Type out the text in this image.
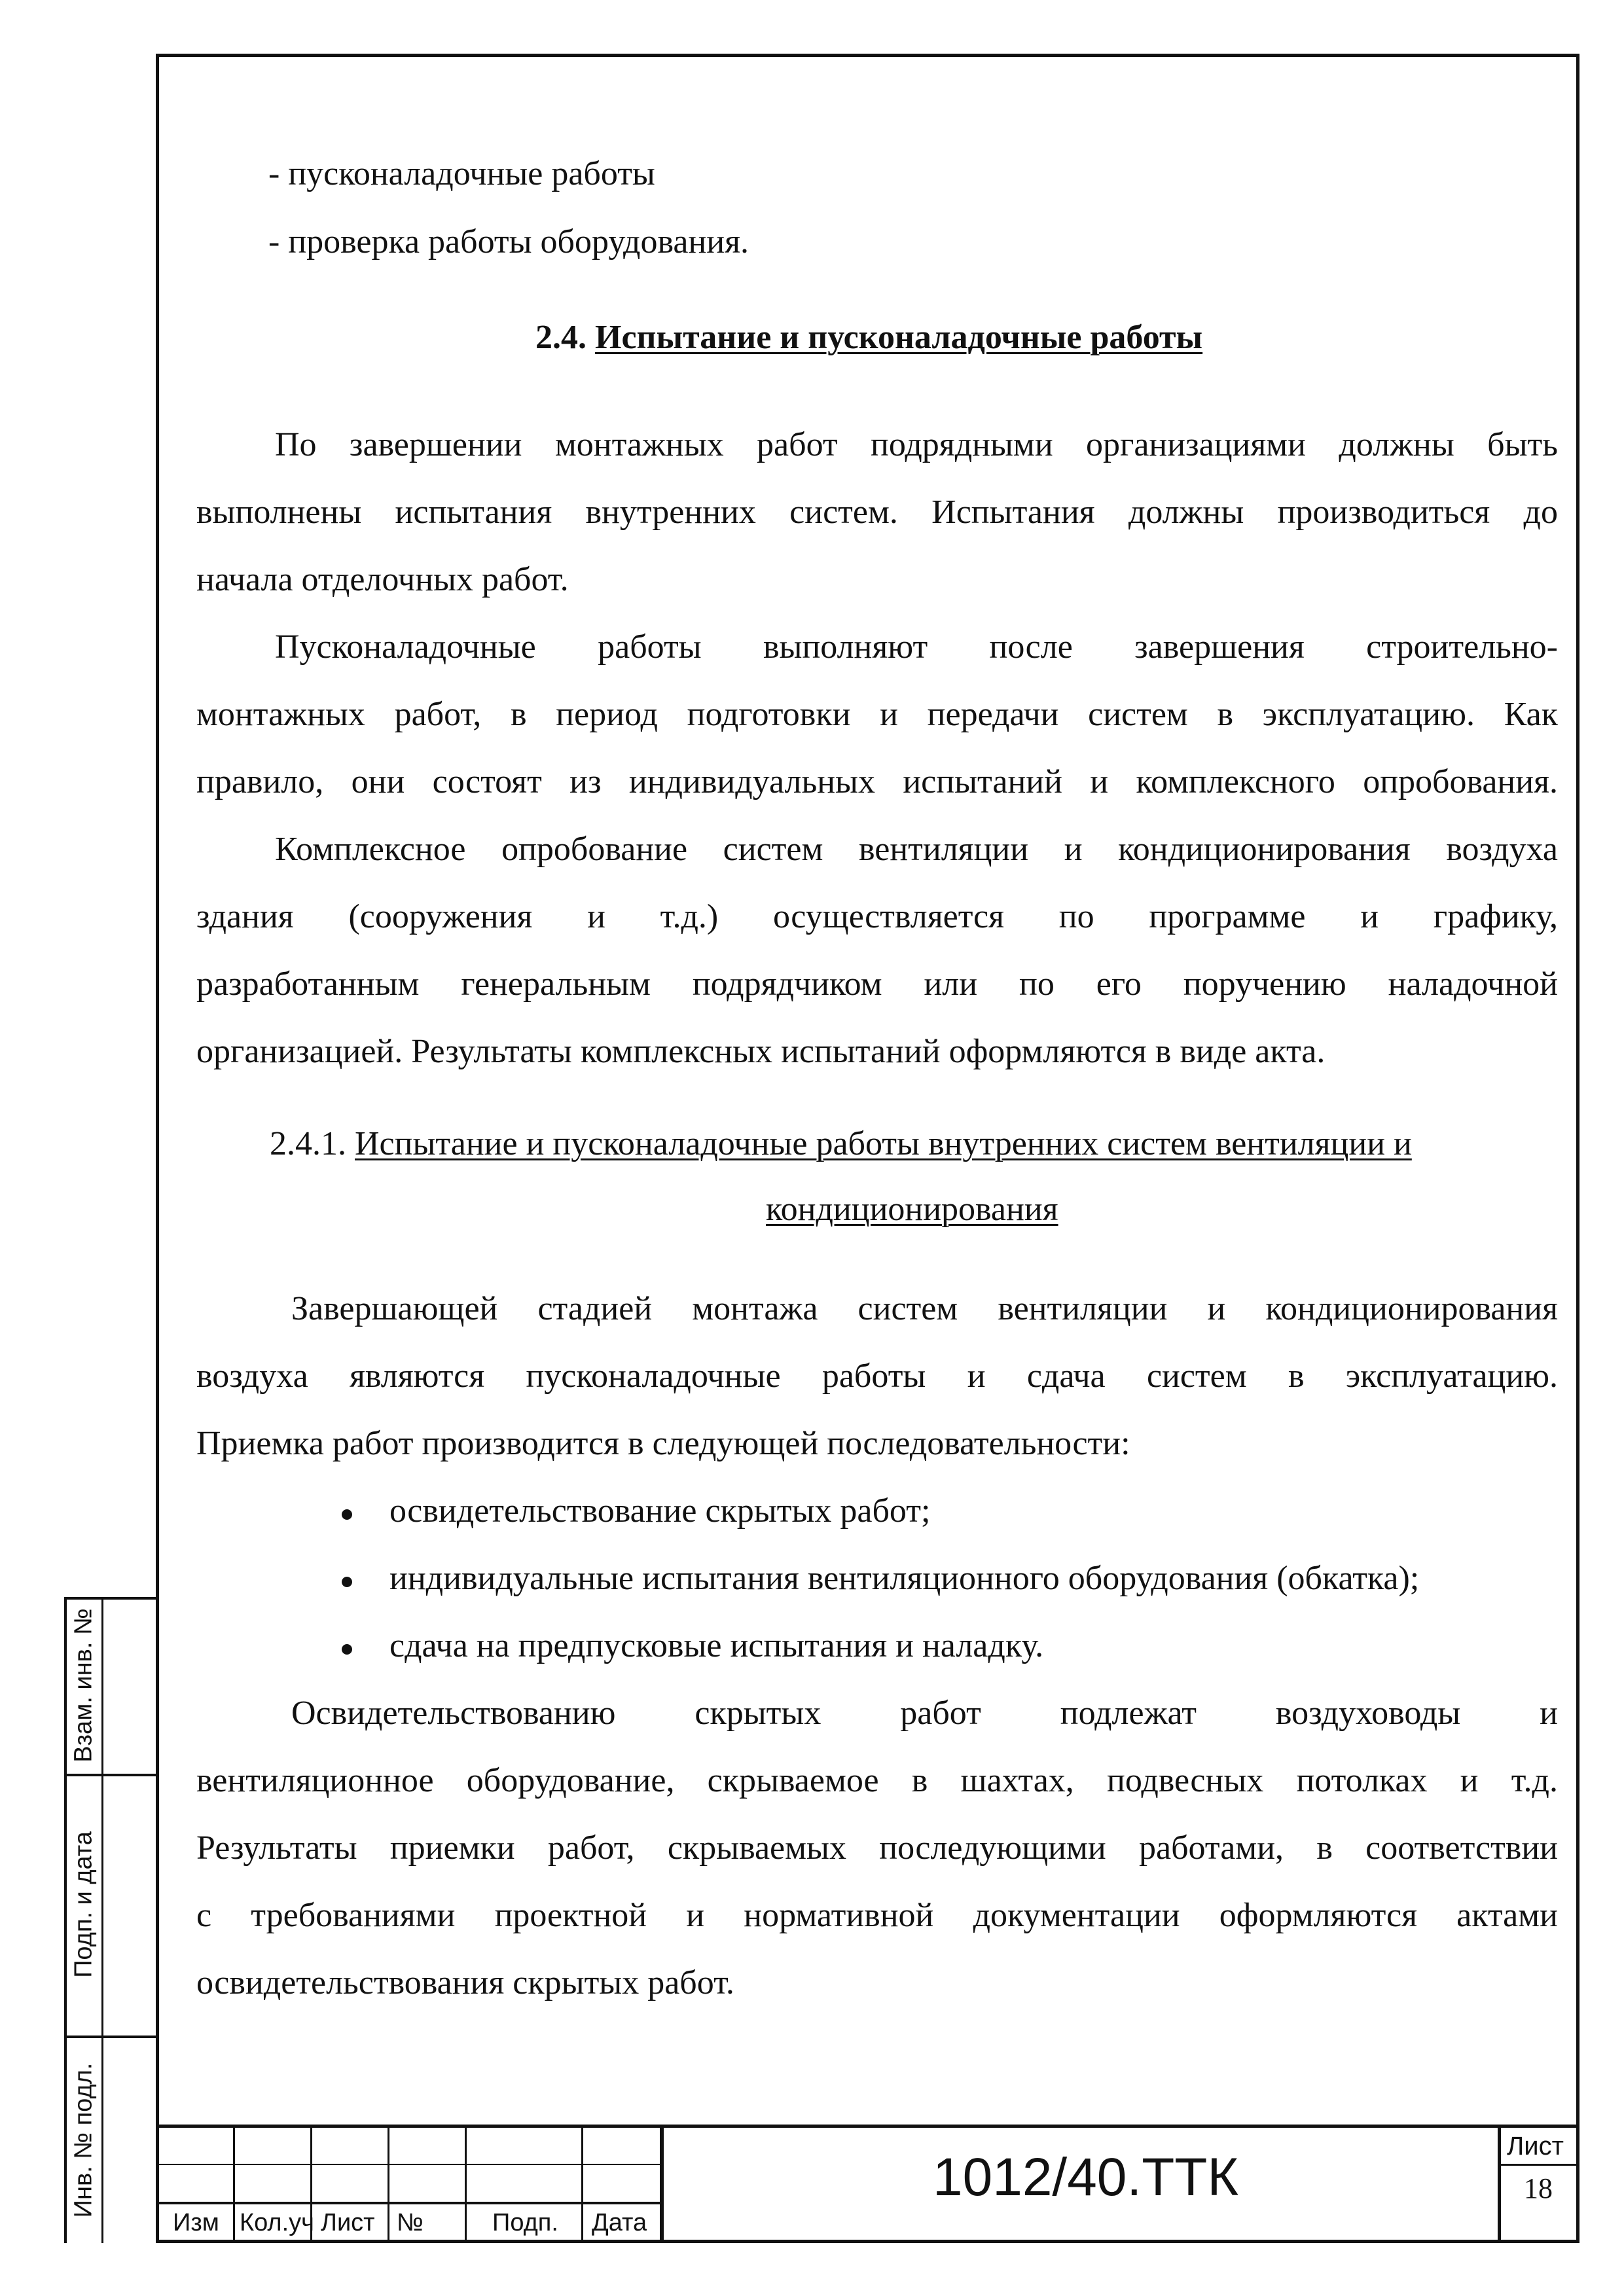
Взам. инв. №
Подп. и дата
Инв. № подл.
- пусконаладочные работы
- проверка работы оборудования.
2.4. Испытание и пусконаладочные работы
По завершении монтажных работ подрядными организациями должны быть
выполнены испытания внутренних систем. Испытания должны производиться до
начала отделочных работ.
Пусконаладочные работы выполняют после завершения строительно-
монтажных работ, в период подготовки и передачи систем в эксплуатацию. Как
правило, они состоят из индивидуальных испытаний и комплексного опробования.
Комплексное опробование систем вентиляции и кондиционирования воздуха
здания (сооружения и т.д.) осуществляется по программе и графику,
разработанным генеральным подрядчиком или по его поручению наладочной
организацией. Результаты комплексных испытаний оформляются в виде акта.
2.4.1. Испытание и пусконаладочные работы внутренних систем вентиляции и
кондиционирования
Завершающей стадией монтажа систем вентиляции и кондиционирования
воздуха являются пусконаладочные работы и сдача систем в эксплуатацию.
Приемка работ производится в следующей последовательности:
освидетельствование скрытых работ;
индивидуальные испытания вентиляционного оборудования (обкатка);
сдача на предпусковые испытания и наладку.
Освидетельствованию скрытых работ подлежат воздуховоды и
вентиляционное оборудование, скрываемое в шахтах, подвесных потолках и т.д.
Результаты приемки работ, скрываемых последующими работами, в соответствии
с требованиями проектной и нормативной документации оформляются актами
освидетельствования скрытых работ.
Изм Кол.уч Лист №	Подп. Дата
1012/40.ТТК
Лист
18
